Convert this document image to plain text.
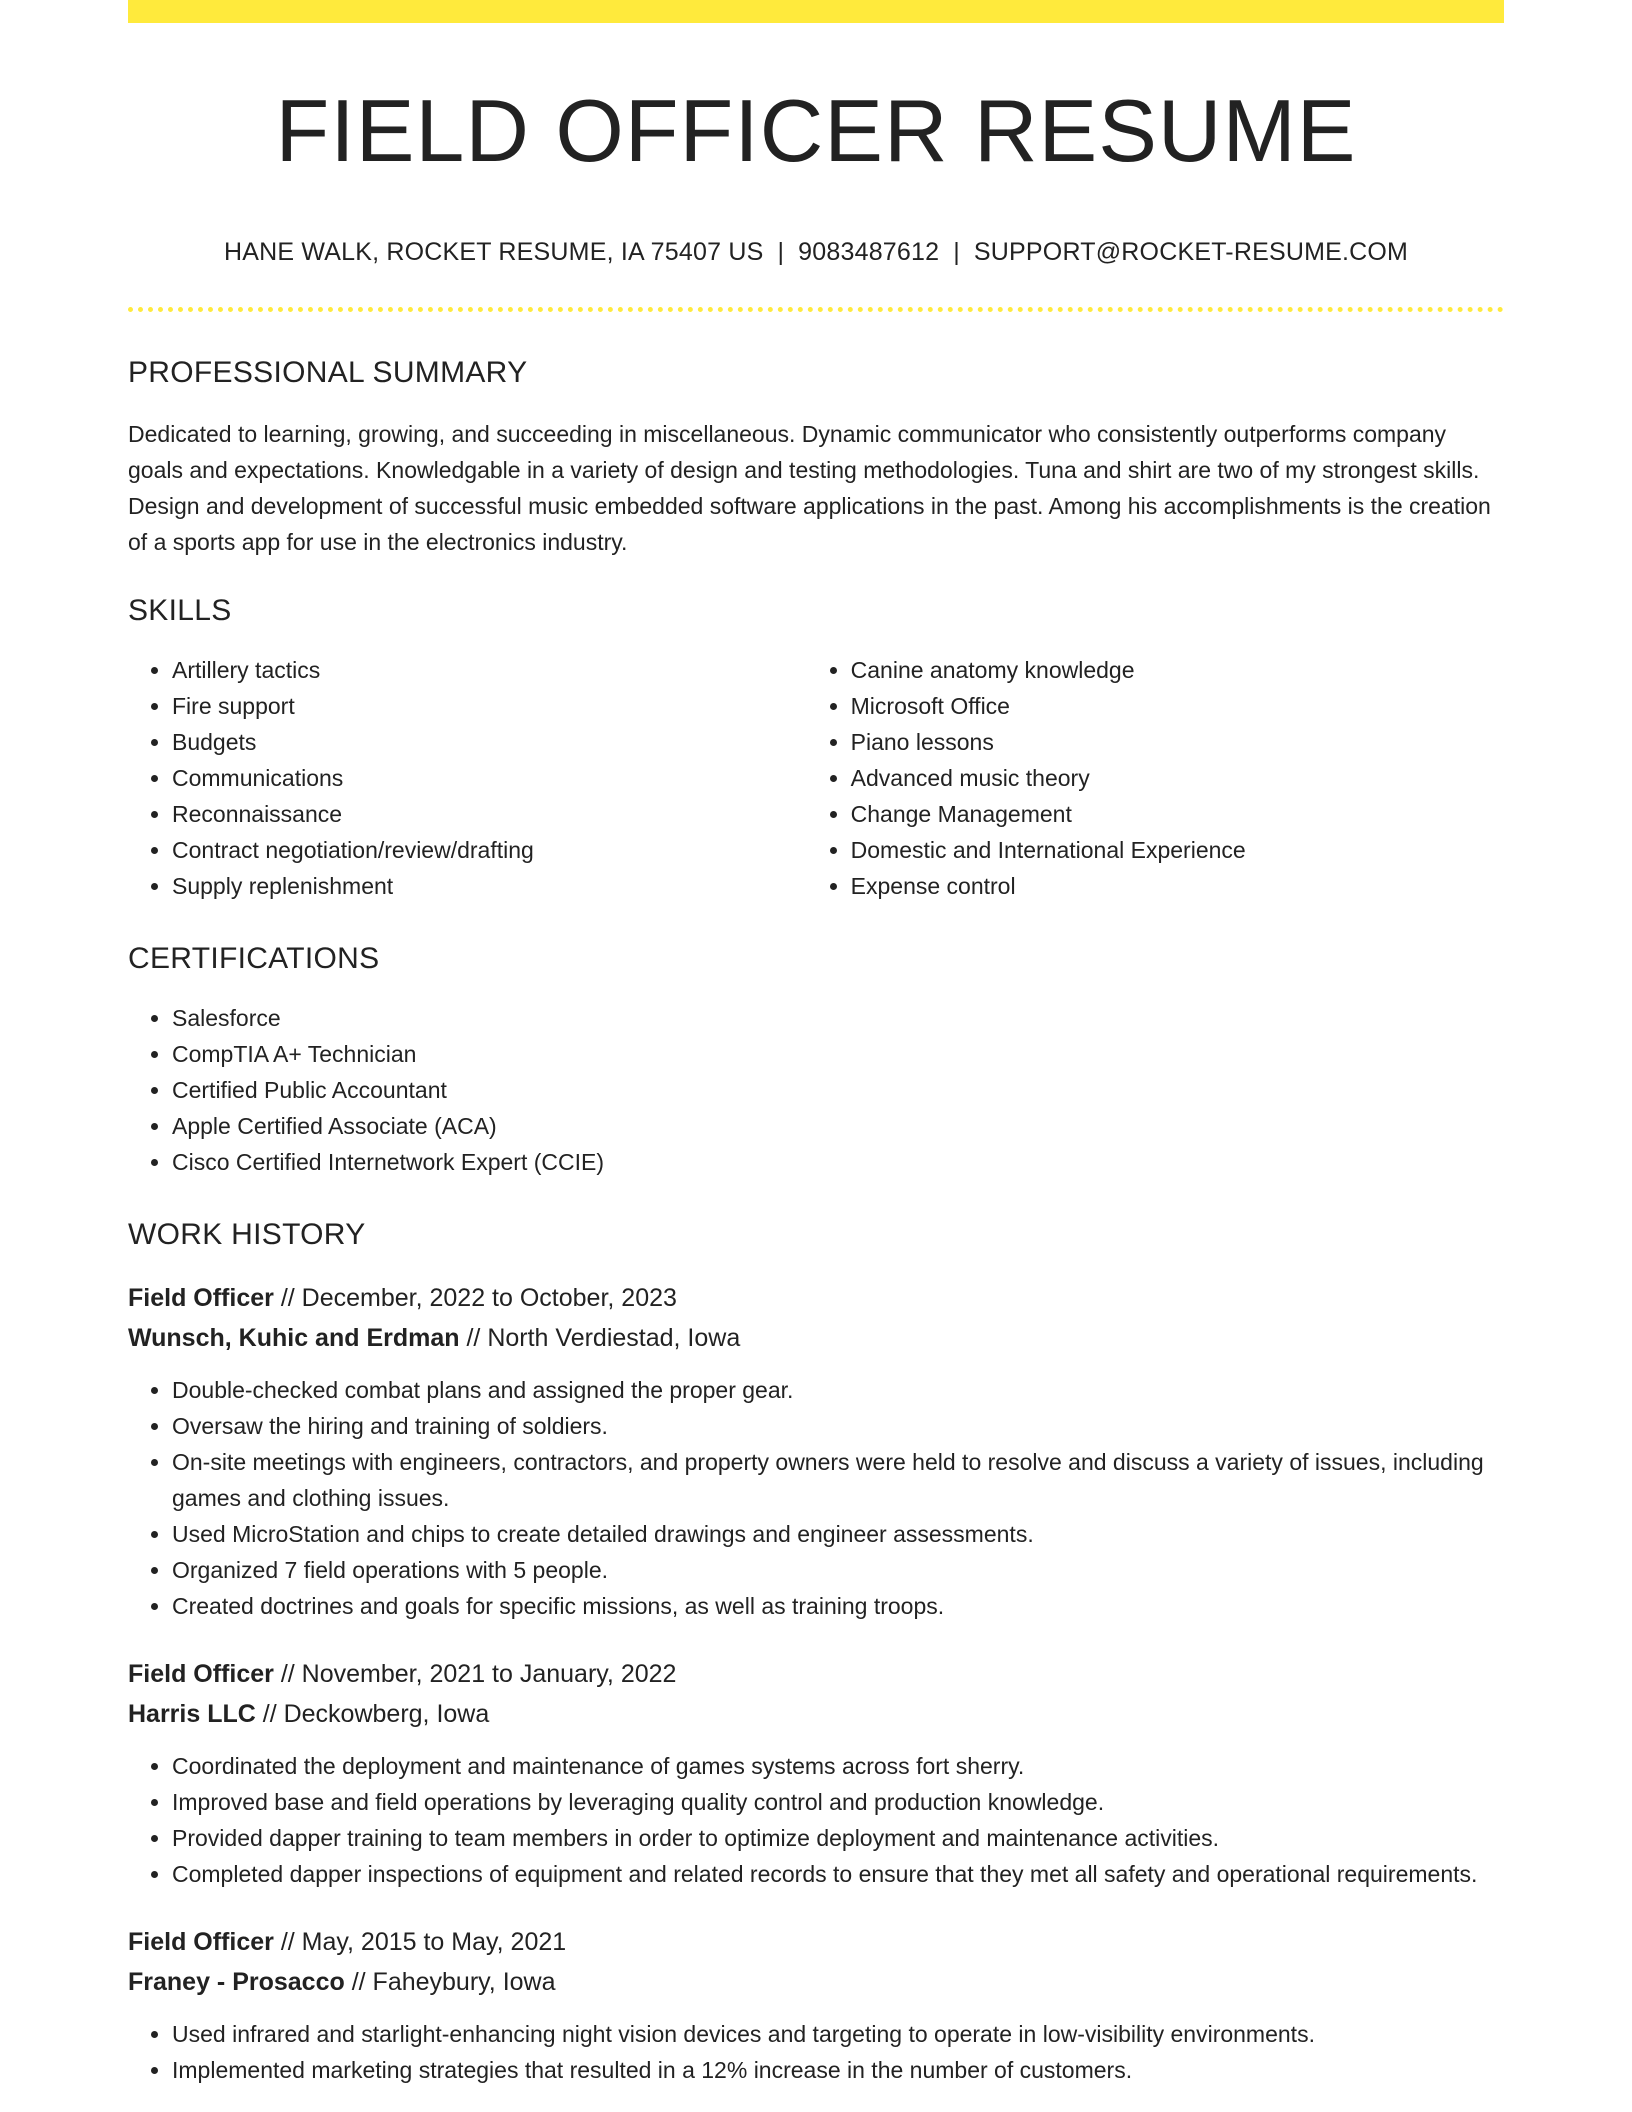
FIELD OFFICER RESUME
HANE WALK, ROCKET RESUME, IA 75407 US | 9083487612 | SUPPORT@ROCKET-RESUME.COM
PROFESSIONAL SUMMARY
Dedicated to learning, growing, and succeeding in miscellaneous. Dynamic communicator who consistently outperforms company goals and expectations. Knowledgable in a variety of design and testing methodologies. Tuna and shirt are two of my strongest skills. Design and development of successful music embedded software applications in the past. Among his accomplishments is the creation of a sports app for use in the electronics industry.
SKILLS
• Artillery tactics
• Fire support
• Budgets
• Communications
• Reconnaissance
• Contract negotiation/review/drafting
• Supply replenishment
• Canine anatomy knowledge
• Microsoft Office
• Piano lessons
• Advanced music theory
• Change Management
• Domestic and International Experience
• Expense control
CERTIFICATIONS
• Salesforce
• CompTIA A+ Technician
• Certified Public Accountant
• Apple Certified Associate (ACA)
• Cisco Certified Internetwork Expert (CCIE)
WORK HISTORY
Field Officer // December, 2022 to October, 2023
Wunsch, Kuhic and Erdman // North Verdiestad, Iowa
• Double-checked combat plans and assigned the proper gear.
• Oversaw the hiring and training of soldiers.
• On-site meetings with engineers, contractors, and property owners were held to resolve and discuss a variety of issues, including games and clothing issues.
• Used MicroStation and chips to create detailed drawings and engineer assessments.
• Organized 7 field operations with 5 people.
• Created doctrines and goals for specific missions, as well as training troops.
Field Officer // November, 2021 to January, 2022
Harris LLC // Deckowberg, Iowa
• Coordinated the deployment and maintenance of games systems across fort sherry.
• Improved base and field operations by leveraging quality control and production knowledge.
• Provided dapper training to team members in order to optimize deployment and maintenance activities.
• Completed dapper inspections of equipment and related records to ensure that they met all safety and operational requirements.
Field Officer // May, 2015 to May, 2021
Franey - Prosacco // Faheybury, Iowa
• Used infrared and starlight-enhancing night vision devices and targeting to operate in low-visibility environments.
• Implemented marketing strategies that resulted in a 12% increase in the number of customers.
